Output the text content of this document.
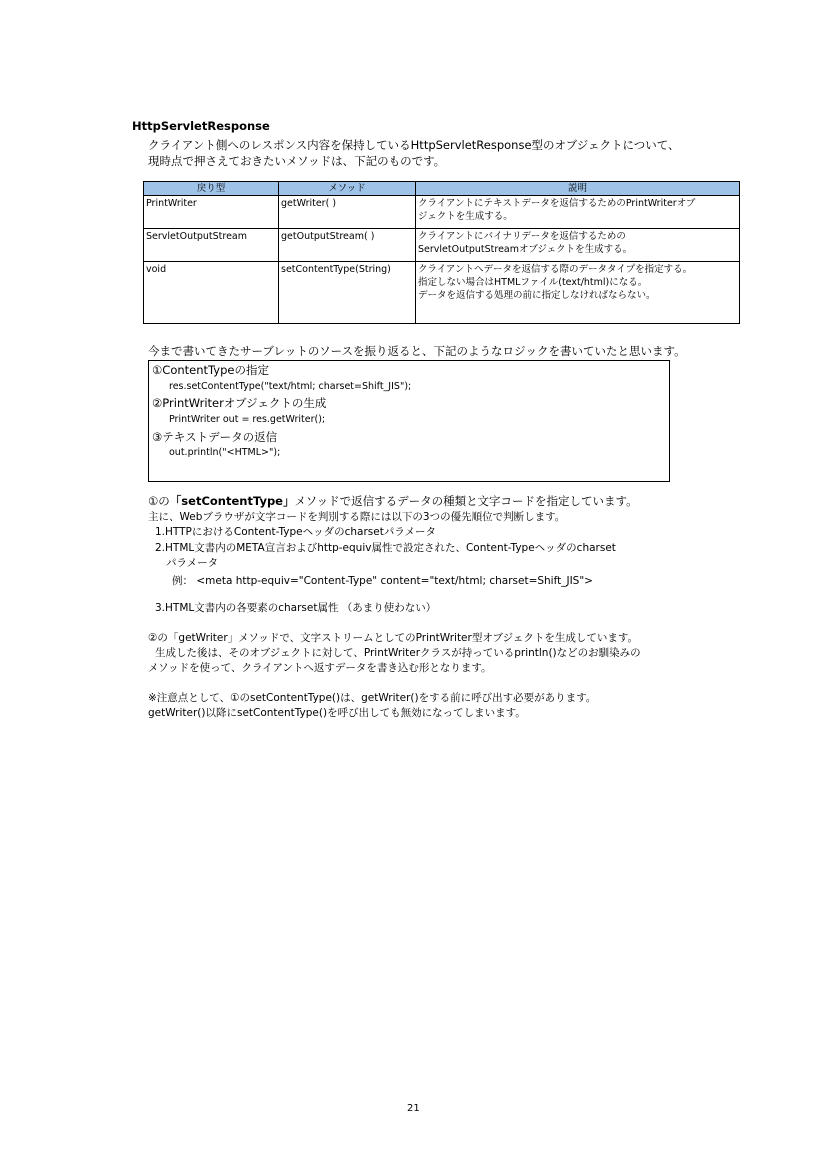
HttpServletResponse
クライアント側へのレスポンス内容を保持しているHttpServletResponse型のオブジェクトについて、
現時点で押さえておきたいメソッドは、下記のものです。
戻り型	メソッド	説明
PrintWriter	getWriter( )	クライアントにテキストデータを返信するためのPrintWriterオブ
ジェクトを生成する。
ServletOutputStream	getOutputStream( )	クライアントにバイナリデータを返信するための
ServletOutputStreamオブジェクトを生成する。
void	setContentType(String)	クライアントへデータを返信する際のデータタイプを指定する。
指定しない場合はHTMLファイル(text/html)になる。
データを返信する処理の前に指定しなければならない。
今まで書いてきたサーブレットのソースを振り返ると、下記のようなロジックを書いていたと思います。
①ContentTypeの指定
res.setContentType("text/html; charset=Shift_JIS");
②PrintWriterオブジェクトの生成
PrintWriter out = res.getWriter();
③テキストデータの返信
out.println("<HTML>");
①の「setContentType」メソッドで返信するデータの種類と文字コードを指定しています。
主に、Webブラウザが文字コードを判別する際には以下の3つの優先順位で判断します。
1.HTTPにおけるContent-Typeヘッダのcharsetパラメータ
2.HTML文書内のMETA宣言およびhttp-equiv属性で設定された、Content-Typeヘッダのcharset
パラメータ
例： <meta http-equiv="Content-Type" content="text/html; charset=Shift_JIS">
3.HTML文書内の各要素のcharset属性 （あまり使わない）
②の「getWriter」メソッドで、文字ストリームとしてのPrintWriter型オブジェクトを生成しています。
生成した後は、そのオブジェクトに対して、PrintWriterクラスが持っているprintln()などのお馴染みの
メソッドを使って、クライアントへ返すデータを書き込む形となります。
※注意点として、①のsetContentType()は、getWriter()をする前に呼び出す必要があります。
getWriter()以降にsetContentType()を呼び出しても無効になってしまいます。
21
